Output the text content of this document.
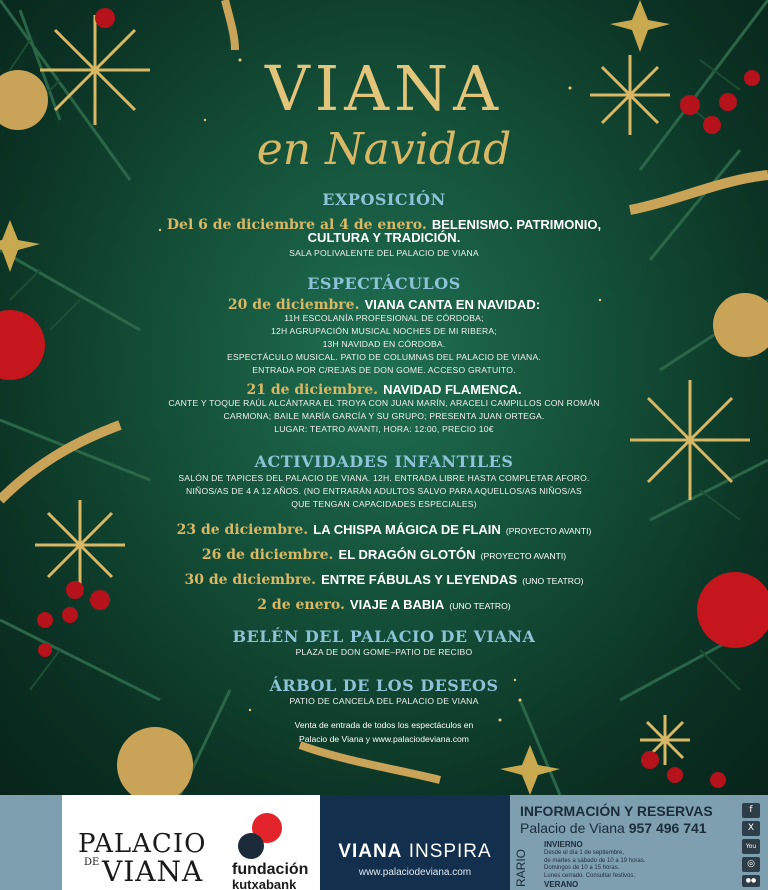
VIANA
en Navidad
EXPOSICIÓN
Del 6 de diciembre al 4 de enero. BELENISMO. PATRIMONIO,
CULTURA Y TRADICIÓN.
SALA POLIVALENTE DEL PALACIO DE VIANA
ESPECTÁCULOS
20 de diciembre. VIANA CANTA EN NAVIDAD:
11H ESCOLANÍA PROFESIONAL DE CÓRDOBA;
12H AGRUPACIÓN MUSICAL NOCHES DE MI RIBERA;
13H NAVIDAD EN CÓRDOBA.
ESPECTÁCULO MUSICAL. PATIO DE COLUMNAS DEL PALACIO DE VIANA.
ENTRADA POR C/REJAS DE DON GOME. ACCESO GRATUITO.
21 de diciembre. NAVIDAD FLAMENCA.
CANTE Y TOQUE RAÚL ALCÁNTARA EL TROYA CON JUAN MARÍN, ARACELI CAMPILLOS CON ROMÁN
CARMONA; BAILE MARÍA GARCÍA Y SU GRUPO; PRESENTA JUAN ORTEGA.
LUGAR: TEATRO AVANTI, HORA: 12:00, PRECIO 10€
ACTIVIDADES INFANTILES
SALÓN DE TAPICES DEL PALACIO DE VIANA. 12H. ENTRADA LIBRE HASTA COMPLETAR AFORO.
NIÑOS/AS DE 4 A 12 AÑOS. (NO ENTRARÁN ADULTOS SALVO PARA AQUELLOS/AS NIÑOS/AS
QUE TENGAN CAPACIDADES ESPECIALES)
23 de diciembre. LA CHISPA MÁGICA DE FLAIN (PROYECTO AVANTI)
26 de diciembre. EL DRAGÓN GLOTÓN (PROYECTO AVANTI)
30 de diciembre. ENTRE FÁBULAS Y LEYENDAS (UNO TEATRO)
2 de enero. VIAJE A BABIA (UNO TEATRO)
BELÉN DEL PALACIO DE VIANA
PLAZA DE DON GOME–PATIO DE RECIBO
ÁRBOL DE LOS DESEOS
PATIO DE CANCELA DEL PALACIO DE VIANA
Venta de entrada de todos los espectáculos en
Palacio de Viana y www.palaciodeviana.com
PALACIO
DE VIANA fundación
kutxabank
VIANA INSPIRA
www.palaciodeviana.com
INFORMACIÓN Y RESERVAS
Palacio de Viana 957 496 741
RARIO
INVIERNO
Desde el día 1 de septiembre,
de martes a sábado de 10 a 19 horas.
Domingos de 10 a 15 horas.
Lunes cerrado. Consultar festivos.
VERANO
f
X
You
◎
●●
